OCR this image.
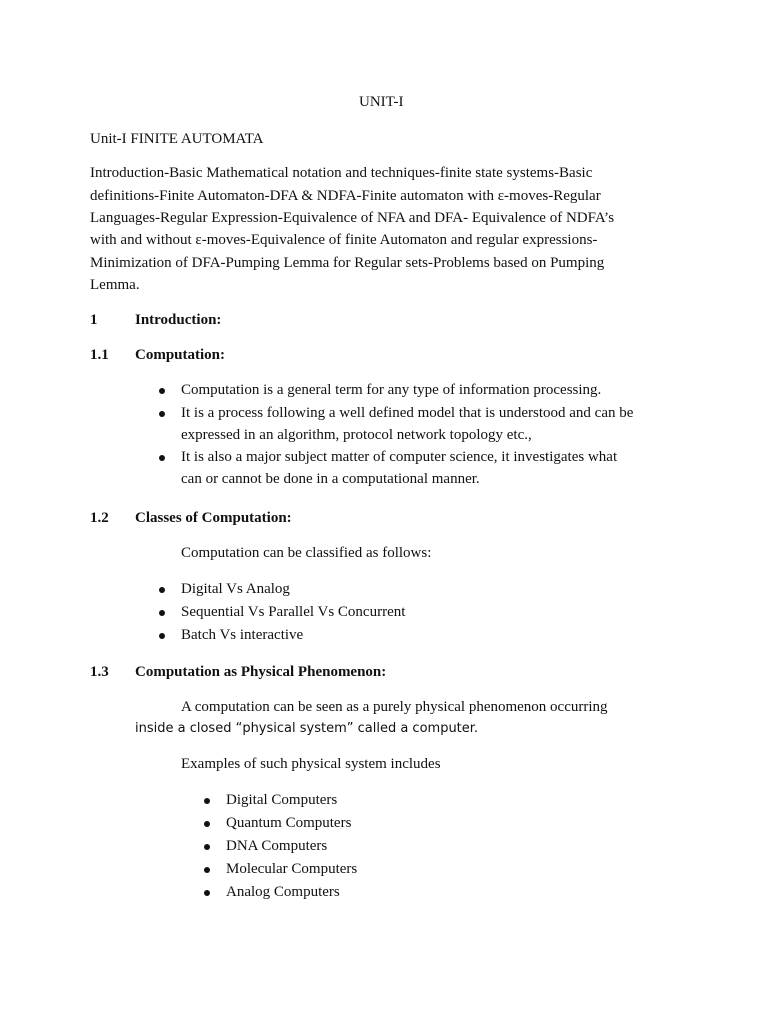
UNIT-I
Unit-I FINITE AUTOMATA
Introduction-Basic Mathematical notation and techniques-finite state systems-Basic
definitions-Finite Automaton-DFA & NDFA-Finite automaton with ε-moves-Regular
Languages-Regular Expression-Equivalence of NFA and DFA- Equivalence of NDFA’s
with and without ε-moves-Equivalence of finite Automaton and regular expressions-
Minimization of DFA-Pumping Lemma for Regular sets-Problems based on Pumping
Lemma.
1	Introduction:
1.1 Computation:
Computation is a general term for any type of information processing.
It is a process following a well defined model that is understood and can be
expressed in an algorithm, protocol network topology etc.,
It is also a major subject matter of computer science, it investigates what
can or cannot be done in a computational manner.
1.2 Classes of Computation:
Computation can be classified as follows:
Digital Vs Analog
Sequential Vs Parallel Vs Concurrent
Batch Vs interactive
1.3 Computation as Physical Phenomenon:
A computation can be seen as a purely physical phenomenon occurring
inside a closed “physical system” called a computer.
Examples of such physical system includes
Digital Computers
Quantum Computers
DNA Computers
Molecular Computers
Analog Computers
